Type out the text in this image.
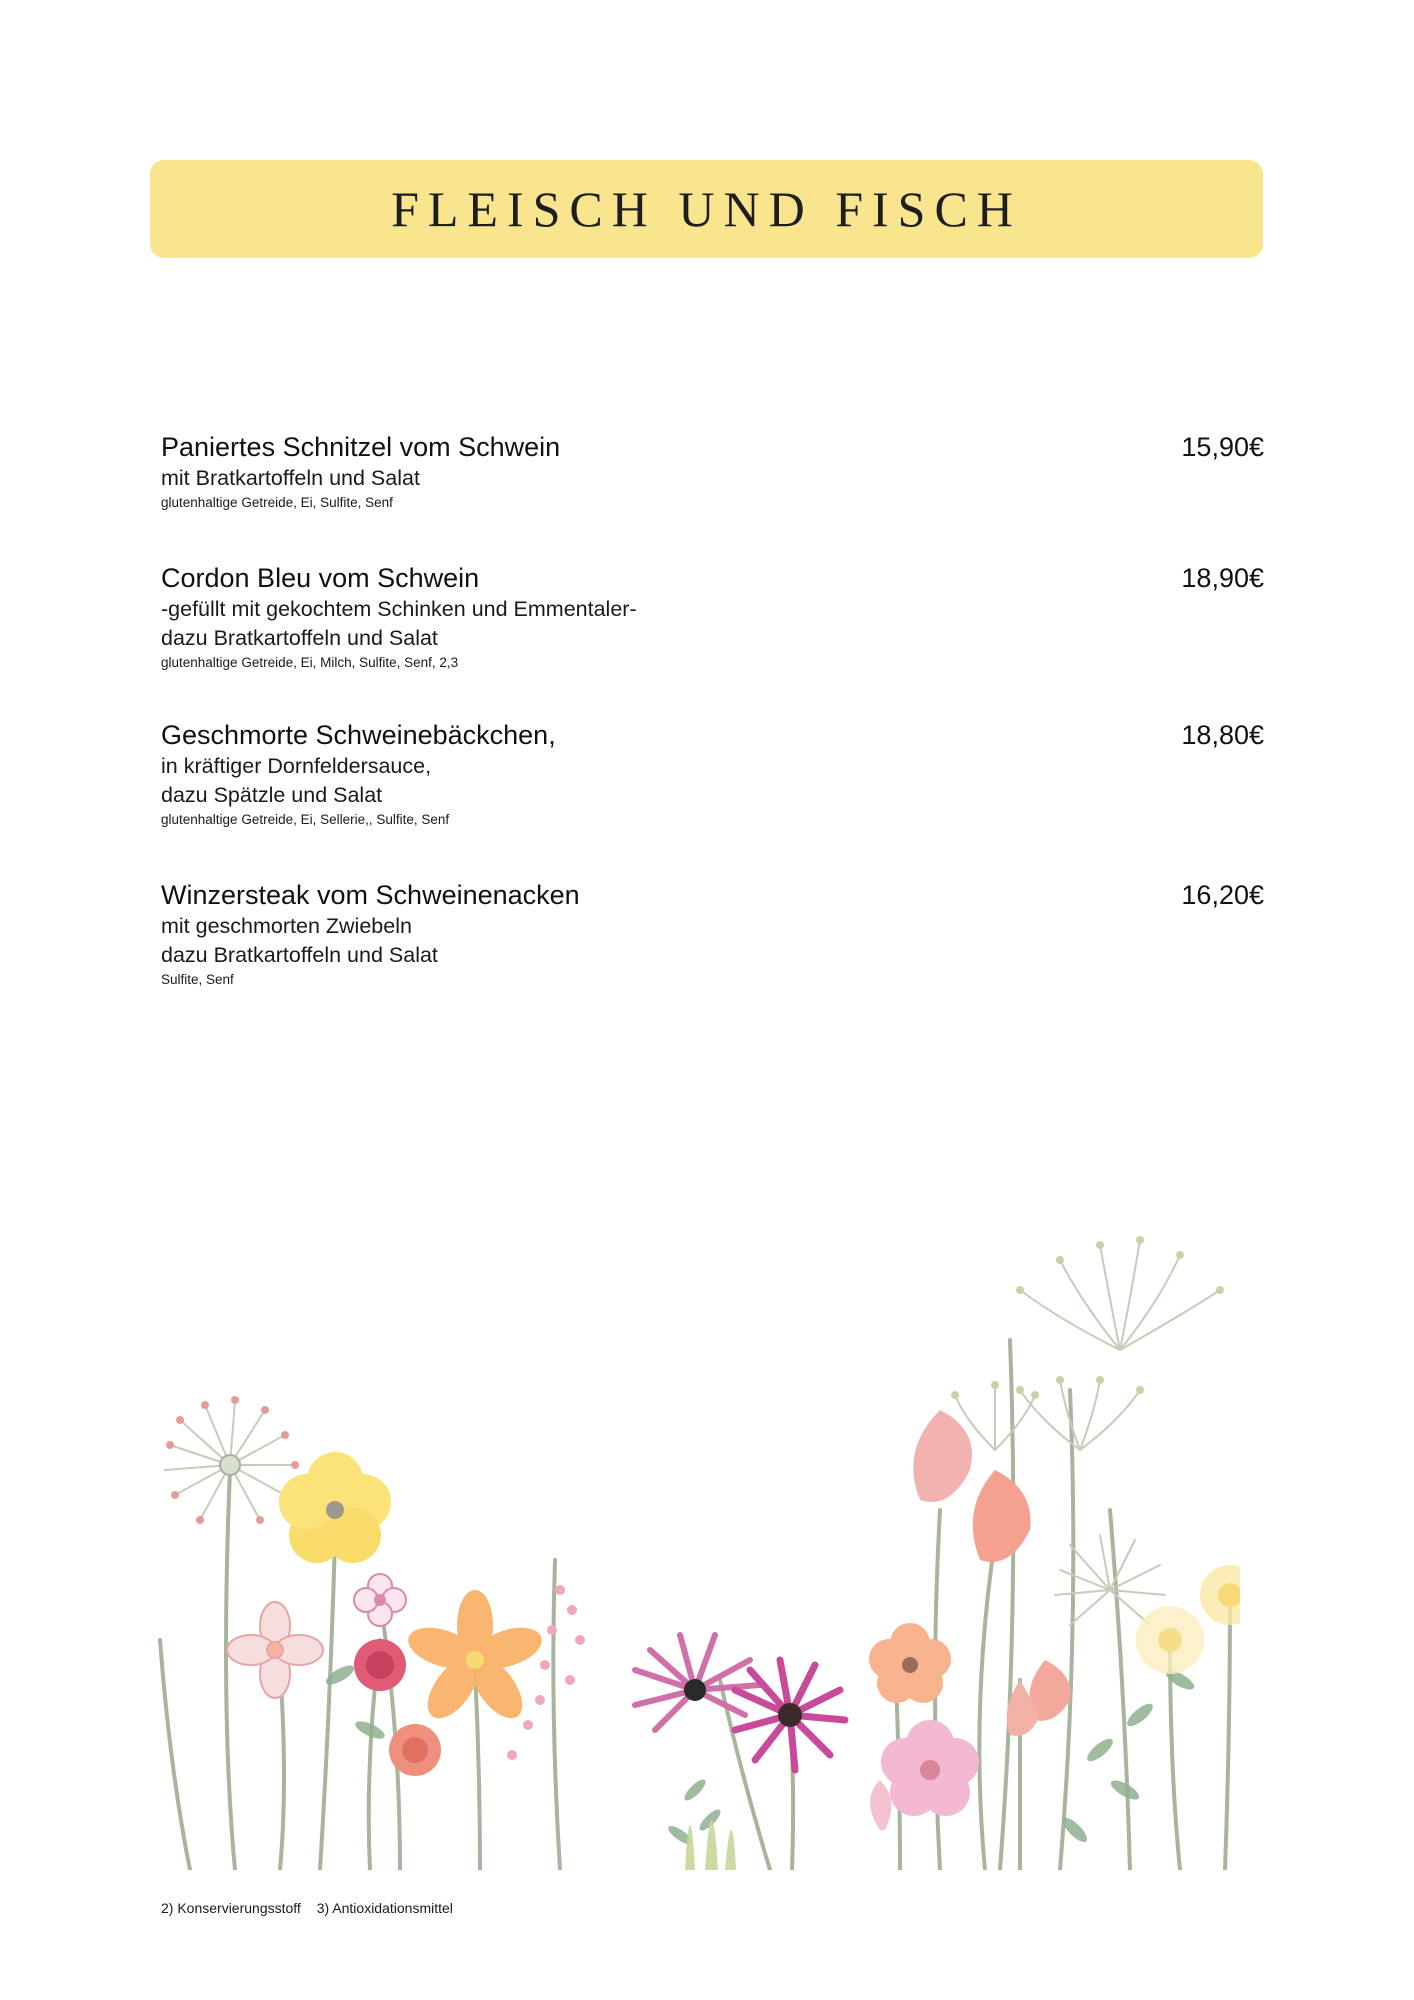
FLEISCH UND FISCH
Paniertes Schnitzel vom Schwein	15,90€
mit Bratkartoffeln und Salat
glutenhaltige Getreide, Ei, Sulfite, Senf
Cordon Bleu vom Schwein	18,90€
-gefüllt mit gekochtem Schinken und Emmentaler-
dazu Bratkartoffeln und Salat
glutenhaltige Getreide, Ei, Milch, Sulfite, Senf, 2,3
Geschmorte Schweinebäckchen,	18,80€
in kräftiger Dornfeldersauce,
dazu Spätzle und Salat
glutenhaltige Getreide, Ei, Sellerie,, Sulfite, Senf
Winzersteak vom Schweinenacken	16,20€
mit geschmorten Zwiebeln
dazu Bratkartoffeln und Salat
Sulfite, Senf
2) Konservierungsstoff 3) Antioxidationsmittel
